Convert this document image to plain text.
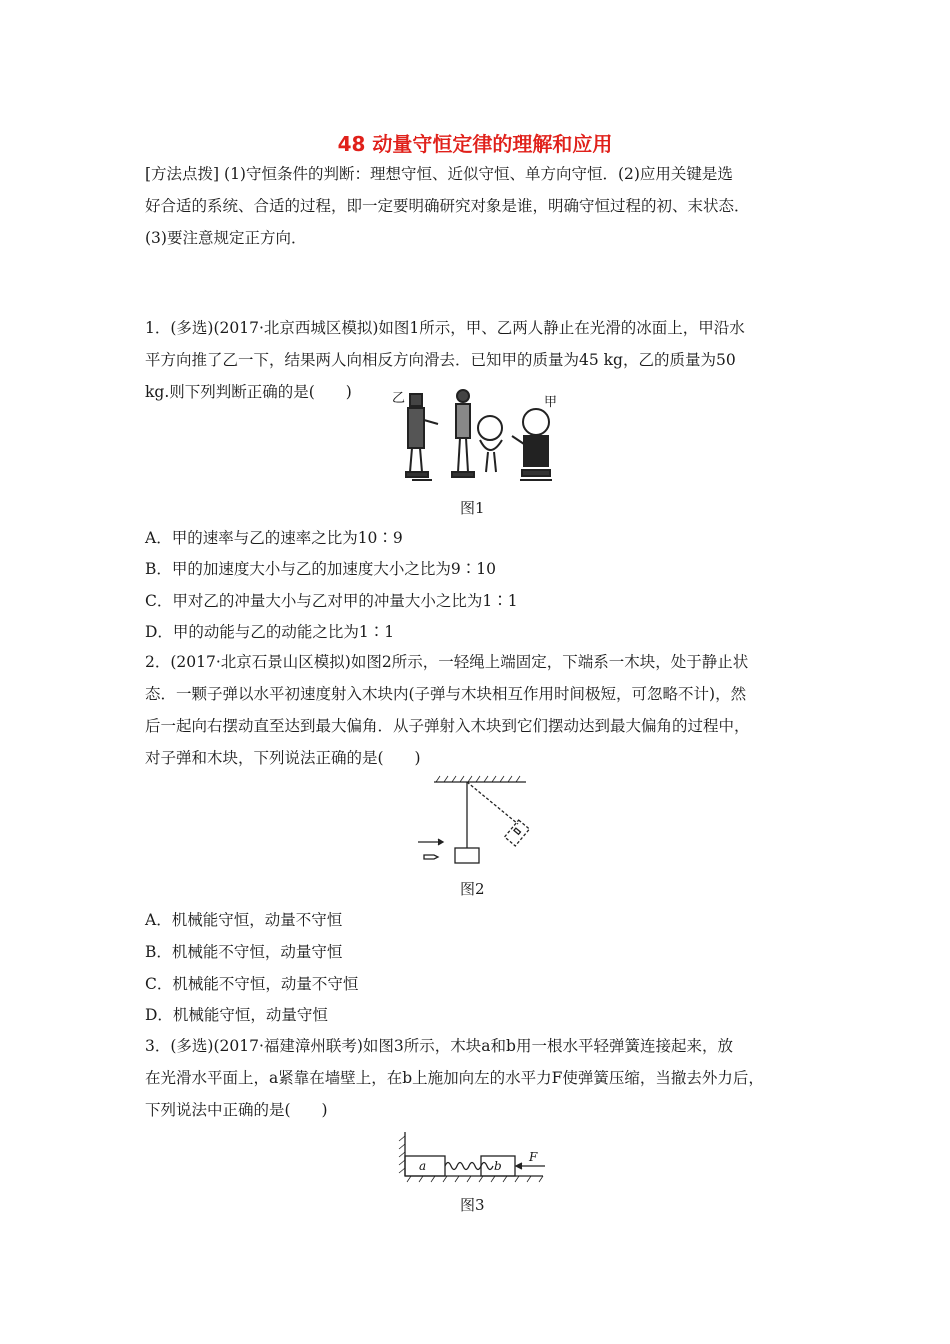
48 动量守恒定律的理解和应用
[方法点拨] (1)守恒条件的判断：理想守恒、近似守恒、单方向守恒．(2)应用关键是选
好合适的系统、合适的过程，即一定要明确研究对象是谁，明确守恒过程的初、末状态．
(3)要注意规定正方向．
1．(多选)(2017·北京西城区模拟)如图1所示，甲、乙两人静止在光滑的冰面上，甲沿水
平方向推了乙一下，结果两人向相反方向滑去．已知甲的质量为45 kg，乙的质量为50
kg.则下列判断正确的是(　　)	乙	甲
图1
A．甲的速率与乙的速率之比为10∶9
B．甲的加速度大小与乙的加速度大小之比为9∶10
C．甲对乙的冲量大小与乙对甲的冲量大小之比为1∶1
D．甲的动能与乙的动能之比为1∶1
2．(2017·北京石景山区模拟)如图2所示，一轻绳上端固定，下端系一木块，处于静止状
态．一颗子弹以水平初速度射入木块内(子弹与木块相互作用时间极短，可忽略不计)，然
后一起向右摆动直至达到最大偏角．从子弹射入木块到它们摆动达到最大偏角的过程中，
对子弹和木块，下列说法正确的是(　　)
图2
A．机械能守恒，动量不守恒
B．机械能不守恒，动量守恒
C．机械能不守恒，动量不守恒
D．机械能守恒，动量守恒
3．(多选)(2017·福建漳州联考)如图3所示，木块a和b用一根水平轻弹簧连接起来，放
在光滑水平面上，a紧靠在墙壁上，在b上施加向左的水平力F使弹簧压缩，当撤去外力后，
下列说法中正确的是(　　)
a	b
F
图3
